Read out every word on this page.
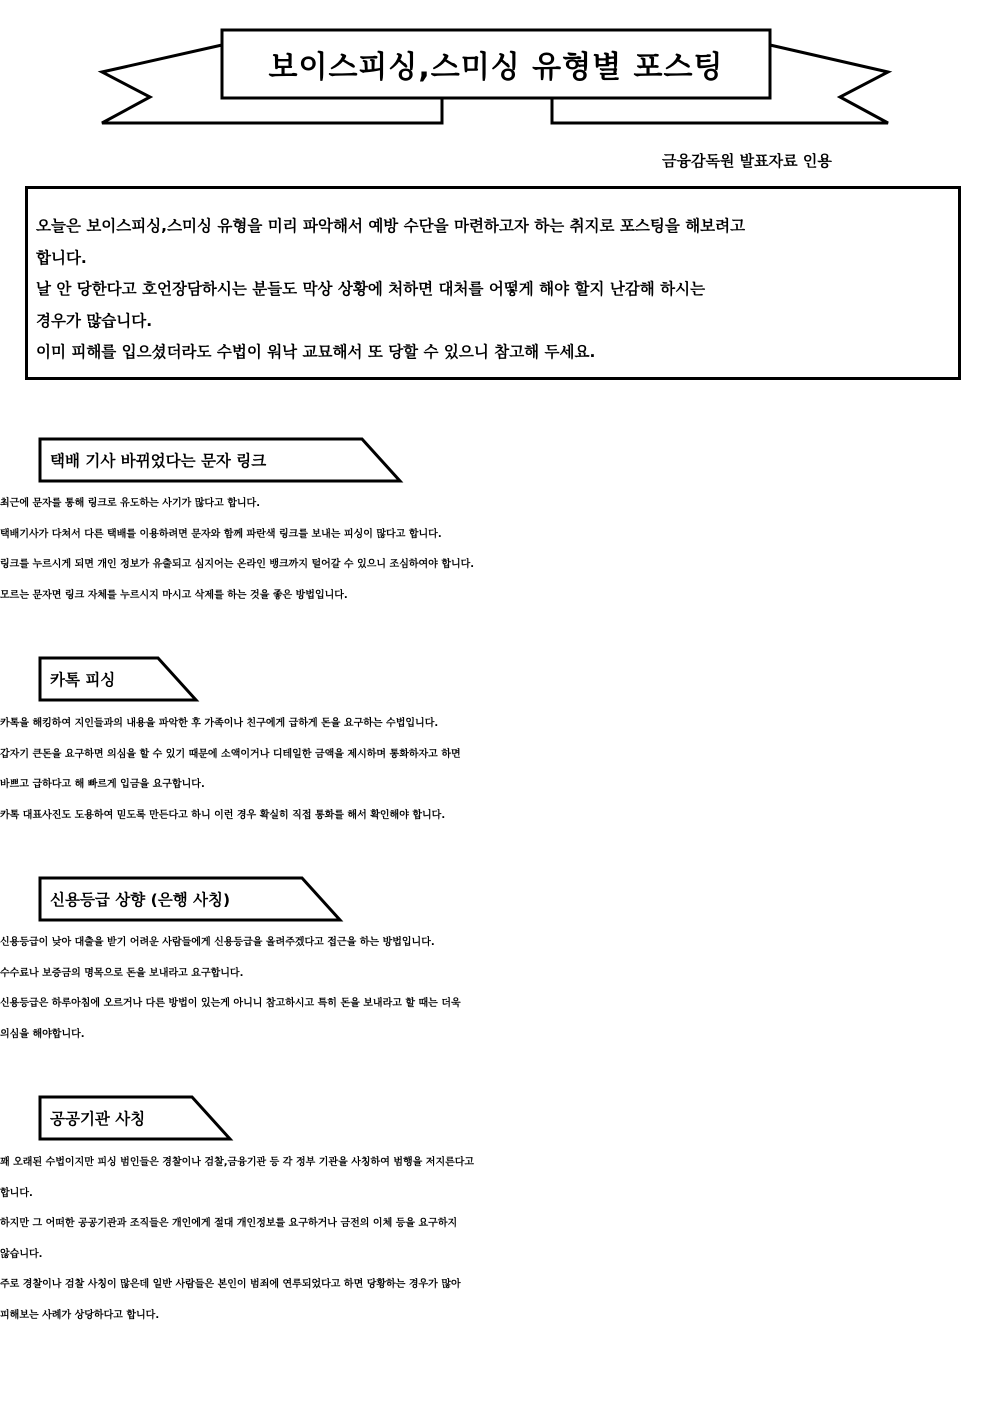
보이스피싱,스미싱 유형별 포스팅
금융감독원 발표자료 인용

오늘은 보이스피싱,스미싱 유형을 미리 파악해서 예방 수단을 마련하고자 하는 취지로 포스팅을 해보려고

합니다.

날 안 당한다고 호언장담하시는 분들도 막상 상황에 처하면 대처를 어떻게 해야 할지 난감해 하시는

경우가 많습니다.

이미 피해를 입으셨더라도 수법이 워낙 교묘해서 또 당할 수 있으니 참고해 두세요.

택배 기사 바뀌었다는 문자 링크

최근에 문자를 통해 링크로 유도하는 사기가 많다고 합니다.

택배기사가 다쳐서 다른 택배를 이용하려면 문자와 함께 파란색 링크를 보내는 피싱이 많다고 합니다.

링크를 누르시게 되면 개인 정보가 유출되고 심지어는 온라인 뱅크까지 털어갈 수 있으니 조심하여야 합니다.

모르는 문자면 링크 자체를 누르시지 마시고 삭제를 하는 것을 좋은 방법입니다.

카톡 피싱

카톡을 해킹하여 지인들과의 내용을 파악한 후 가족이나 친구에게 급하게 돈을 요구하는 수법입니다.

갑자기 큰돈을 요구하면 의심을 할 수 있기 때문에 소액이거나 디테일한 금액을 제시하며 통화하자고 하면

바쁘고 급하다고 해 빠르게 입금을 요구합니다.

카톡 대표사진도 도용하여 믿도록 만든다고 하니 이런 경우 확실히 직접 통화를 해서 확인해야 합니다.

신용등급 상향 (은행 사칭)

신용등급이 낮아 대출을 받기 어려운 사람들에게 신용등급을 올려주겠다고 접근을 하는 방법입니다.

수수료나 보증금의 명목으로 돈을 보내라고 요구합니다.

신용등급은 하루아침에 오르거나 다른 방법이 있는게 아니니 참고하시고 특히 돈을 보내라고 할 때는 더욱

의심을 해야합니다.

공공기관 사칭

꽤 오래된 수법이지만 피싱 범인들은 경찰이나 검찰,금융기관 등 각 정부 기관을 사칭하여 범행을 저지른다고

합니다.

하지만 그 어떠한 공공기관과 조직들은 개인에게 절대 개인정보를 요구하거나 금전의 이체 등을 요구하지

않습니다.

주로 경찰이나 검찰 사칭이 많은데 일반 사람들은 본인이 범죄에 연루되었다고 하면 당황하는 경우가 많아

피해보는 사례가 상당하다고 합니다.
